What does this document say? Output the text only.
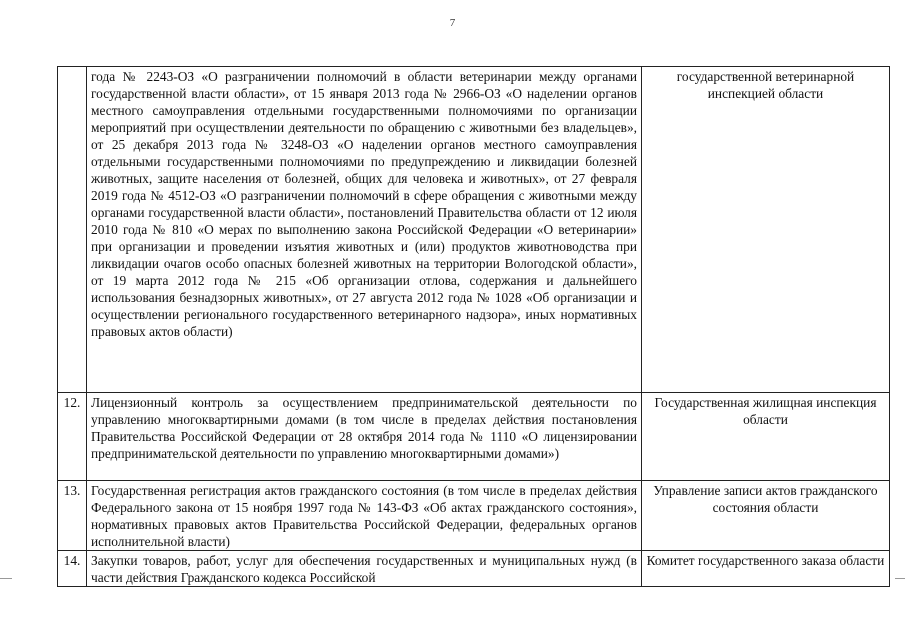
7
	года № 2243-ОЗ «О разграничении полномочий в области ветеринарии между органами государственной власти области», от 15 января 2013 года № 2966-ОЗ «О наделении органов местного самоуправления отдельными государственными полномочиями по организации мероприятий при осуществлении деятельности по обращению с животными без владельцев», от 25 декабря 2013 года № 3248-ОЗ «О наделении органов местного самоуправления отдельными государственными полномочиями по предупреждению и ликвидации болезней животных, защите населения от болезней, общих для человека и животных», от 27 февраля 2019 года № 4512-ОЗ «О разграничении полномочий в сфере обращения с животными между органами государственной власти области», постановлений Правительства области от 12 июля 2010 года № 810 «О мерах по выполнению закона Российской Федерации «О ветеринарии» при организации и проведении изъятия животных и (или) продуктов животноводства при ликвидации очагов особо опасных болезней животных на территории Вологодской области», от 19 марта 2012 года № 215 «Об организации отлова, содержания и дальнейшего использования безнадзорных животных», от 27 августа 2012 года № 1028 «Об организации и осуществлении регионального государственного ветеринарного надзора», иных нормативных правовых актов области)	государственной ветеринарной инспекцией области
12.	Лицензионный контроль за осуществлением предпринимательской деятельности по управлению многоквартирными домами (в том числе в пределах действия постановления Правительства Российской Федерации от 28 октября 2014 года № 1110 «О лицензировании предпринимательской деятельности по управлению многоквартирными домами»)	Государственная жилищная инспекция области
13.	Государственная регистрация актов гражданского состояния (в том числе в пределах действия Федерального закона от 15 ноября 1997 года № 143-ФЗ «Об актах гражданского состояния», нормативных правовых актов Правительства Российской Федерации, федеральных органов исполнительной власти)	Управление записи актов гражданского состояния области
14.	Закупки товаров, работ, услуг для обеспечения государственных и муниципальных нужд (в части действия Гражданского кодекса Российской	Комитет государственного заказа области
